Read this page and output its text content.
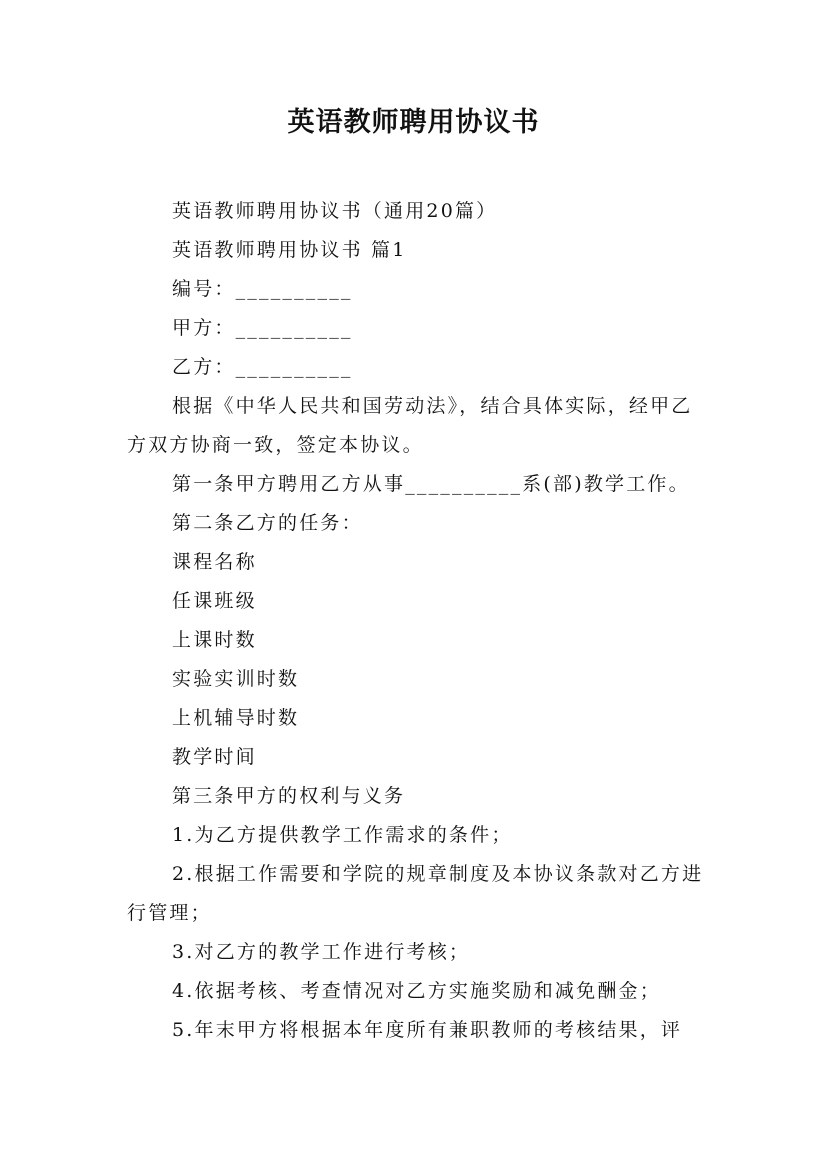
英语教师聘用协议书
英语教师聘用协议书（通用20篇）
英语教师聘用协议书 篇1
编号：__________
甲方：__________
乙方：__________
根据《中华人民共和国劳动法》，结合具体实际，经甲乙方双方协商一致，签定本协议。
第一条甲方聘用乙方从事__________系(部)教学工作。
第二条乙方的任务：
课程名称
任课班级
上课时数
实验实训时数
上机辅导时数
教学时间
第三条甲方的权利与义务
1.为乙方提供教学工作需求的条件；
2.根据工作需要和学院的规章制度及本协议条款对乙方进行管理；
3.对乙方的教学工作进行考核；
4.依据考核、考查情况对乙方实施奖励和减免酬金；
5.年末甲方将根据本年度所有兼职教师的考核结果，评
